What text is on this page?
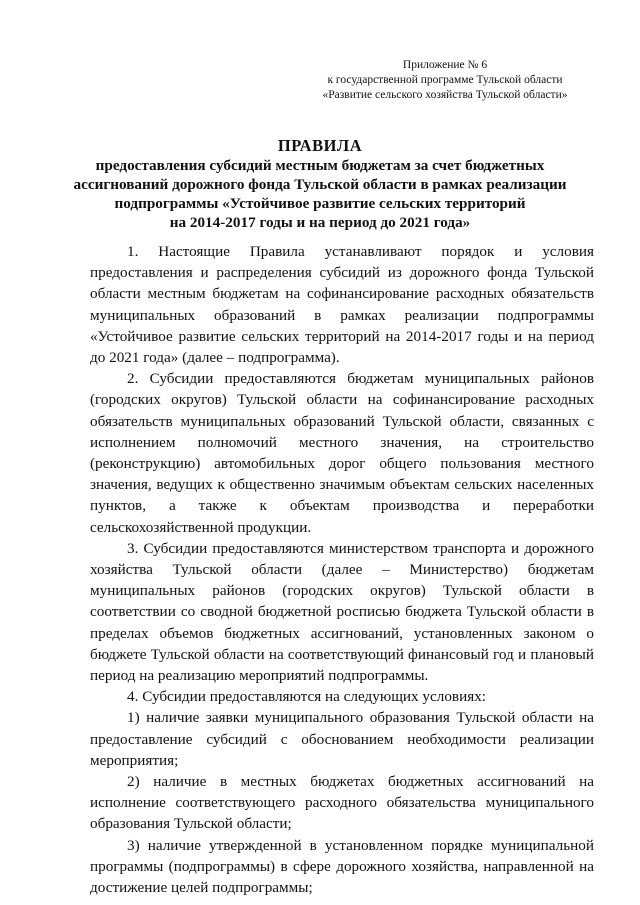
Приложение № 6
к государственной программе Тульской области
«Развитие сельского хозяйства Тульской области»
ПРАВИЛА
предоставления субсидий местным бюджетам за счет бюджетных
ассигнований дорожного фонда Тульской области в рамках реализации
подпрограммы «Устойчивое развитие сельских территорий
на 2014-2017 годы и на период до 2021 года»

1. Настоящие Правила устанавливают порядок и условия предоставления и распределения субсидий из дорожного фонда Тульской области местным бюджетам на софинансирование расходных обязательств муниципальных образований в рамках реализации подпрограммы «Устойчивое развитие сельских территорий на 2014-2017 годы и на период до 2021 года» (далее – подпрограмма).

2. Субсидии предоставляются бюджетам муниципальных районов (городских округов) Тульской области на софинансирование расходных обязательств муниципальных образований Тульской области, связанных с исполнением полномочий местного значения, на строительство (реконструкцию) автомобильных дорог общего пользования местного значения, ведущих к общественно значимым объектам сельских населенных пунктов, а также к объектам производства и переработки сельскохозяйственной продукции.

3. Субсидии предоставляются министерством транспорта и дорожного хозяйства Тульской области (далее – Министерство) бюджетам муниципальных районов (городских округов) Тульской области в соответствии со сводной бюджетной росписью бюджета Тульской области в пределах объемов бюджетных ассигнований, установленных законом о бюджете Тульской области на соответствующий финансовый год и плановый период на реализацию мероприятий подпрограммы.

4. Субсидии предоставляются на следующих условиях:

1) наличие заявки муниципального образования Тульской области на предоставление субсидий с обоснованием необходимости реализации мероприятия;

2) наличие в местных бюджетах бюджетных ассигнований на исполнение соответствующего расходного обязательства муниципального образования Тульской области;

3) наличие утвержденной в установленном порядке муниципальной программы (подпрограммы) в сфере дорожного хозяйства, направленной на достижение целей подпрограммы;
